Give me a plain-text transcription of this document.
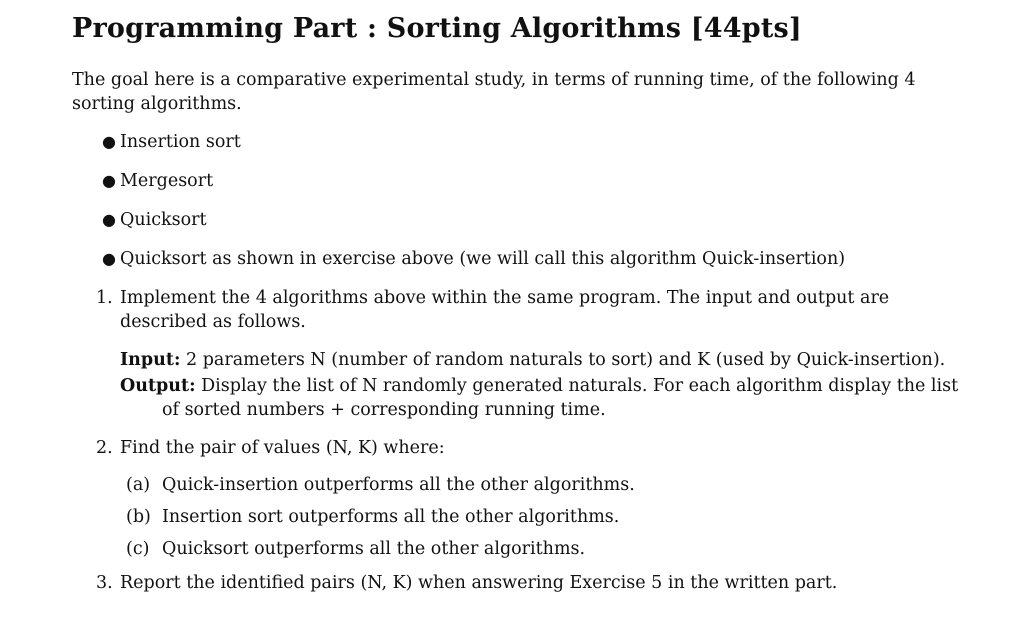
Programming Part : Sorting Algorithms [44pts]

The goal here is a comparative experimental study, in terms of running time, of the following 4 sorting algorithms.

● Insertion sort
● Mergesort
● Quicksort
● Quicksort as shown in exercise above (we will call this algorithm Quick-insertion)
1. Implement the 4 algorithms above within the same program. The input and output are described as follows.
Input: 2 parameters N (number of random naturals to sort) and K (used by Quick-insertion).
Output: Display the list of N randomly generated naturals. For each algorithm display the list of sorted numbers + corresponding running time.
2. Find the pair of values (N, K) where:
(a) Quick-insertion outperforms all the other algorithms.
(b) Insertion sort outperforms all the other algorithms.
(c) Quicksort outperforms all the other algorithms.
3. Report the identified pairs (N, K) when answering Exercise 5 in the written part.
